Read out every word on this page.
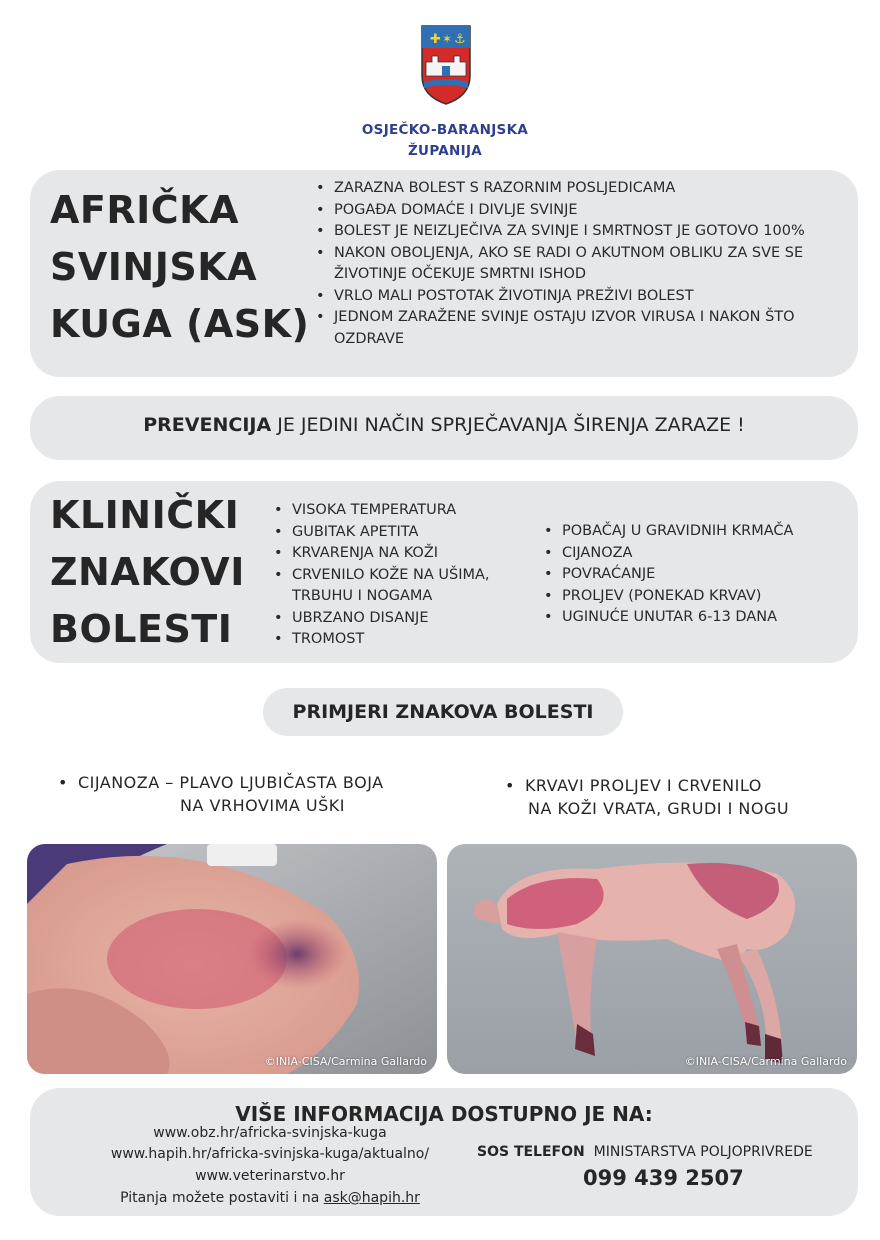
✚ ✶ ⚓
OSJEČKO-BARANJSKA
ŽUPANIJA
AFRIČKA
SVINJSKA
KUGA (ASK)
• ZARAZNA BOLEST S RAZORNIM POSLJEDICAMA
• POGAĐA DOMAĆE I DIVLJE SVINJE
• BOLEST JE NEIZLJEČIVA ZA SVINJE I SMRTNOST JE GOTOVO 100%
• NAKON OBOLJENJA, AKO SE RADI O AKUTNOM OBLIKU ZA SVE SE ŽIVOTINJE OČEKUJE SMRTNI ISHOD
• VRLO MALI POSTOTAK ŽIVOTINJA PREŽIVI BOLEST
• JEDNOM ZARAŽENE SVINJE OSTAJU IZVOR VIRUSA I NAKON ŠTO OZDRAVE
PREVENCIJA JE JEDINI NAČIN SPRJEČAVANJA ŠIRENJA ZARAZE !
KLINIČKI
ZNAKOVI
BOLESTI
• VISOKA TEMPERATURA
• GUBITAK APETITA
• KRVARENJA NA KOŽI
• CRVENILO KOŽE NA UŠIMA, TRBUHU I NOGAMA
• UBRZANO DISANJE
• TROMOST
• POBAČAJ U GRAVIDNIH KRMAČA
• CIJANOZA
• POVRAĆANJE
• PROLJEV (PONEKAD KRVAV)
• UGINUĆE UNUTAR 6-13 DANA
PRIMJERI ZNAKOVA BOLESTI
• CIJANOZA – PLAVO LJUBIČASTA BOJA
NA VRHOVIMA UŠKI
• KRVAVI PROLJEV I CRVENILO
NA KOŽI VRATA, GRUDI I NOGU
©INIA-CISA/Carmina Gallardo	©INIA-CISA/Carmina Gallardo
VIŠE INFORMACIJA DOSTUPNO JE NA:
www.obz.hr/africka-svinjska-kuga
www.hapih.hr/africka-svinjska-kuga/aktualno/
www.veterinarstvo.hr
Pitanja možete postaviti i na ask@hapih.hr
SOS TELEFON  MINISTARSTVA POLJOPRIVREDE
099 439 2507
